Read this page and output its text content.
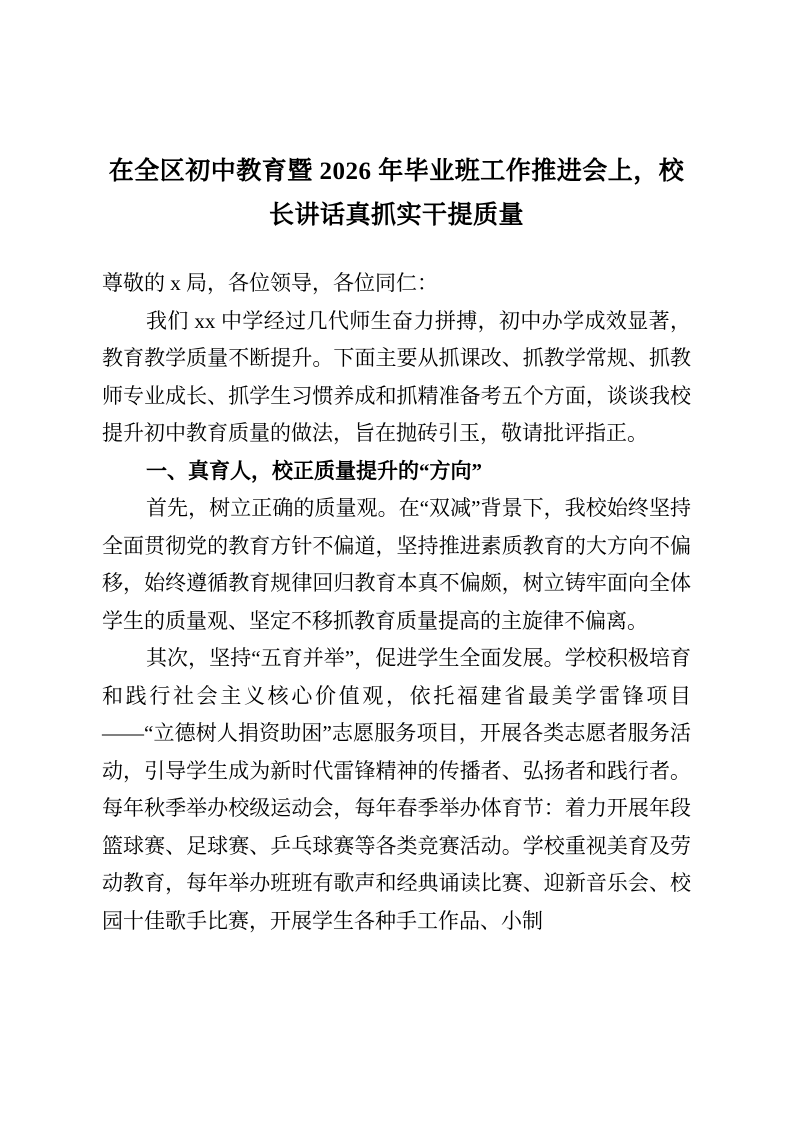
在全区初中教育暨 2026 年毕业班工作推进会上，校长讲话真抓实干提质量

尊敬的 x 局，各位领导，各位同仁：

我们 xx 中学经过几代师生奋力拼搏，初中办学成效显著，教育教学质量不断提升。下面主要从抓课改、抓教学常规、抓教师专业成长、抓学生习惯养成和抓精准备考五个方面，谈谈我校提升初中教育质量的做法，旨在抛砖引玉，敬请批评指正。

一、真育人，校正质量提升的“方向”

首先，树立正确的质量观。在“双减”背景下，我校始终坚持全面贯彻党的教育方针不偏道，坚持推进素质教育的大方向不偏移，始终遵循教育规律回归教育本真不偏颇，树立铸牢面向全体学生的质量观、坚定不移抓教育质量提高的主旋律不偏离。

其次，坚持“五育并举”，促进学生全面发展。学校积极培育和践行社会主义核心价值观，依托福建省最美学雷锋项目——“立德树人捐资助困”志愿服务项目，开展各类志愿者服务活动，引导学生成为新时代雷锋精神的传播者、弘扬者和践行者。每年秋季举办校级运动会，每年春季举办体育节：着力开展年段篮球赛、足球赛、乒乓球赛等各类竞赛活动。学校重视美育及劳动教育，每年举办班班有歌声和经典诵读比赛、迎新音乐会、校园十佳歌手比赛，开展学生各种手工作品、小制
